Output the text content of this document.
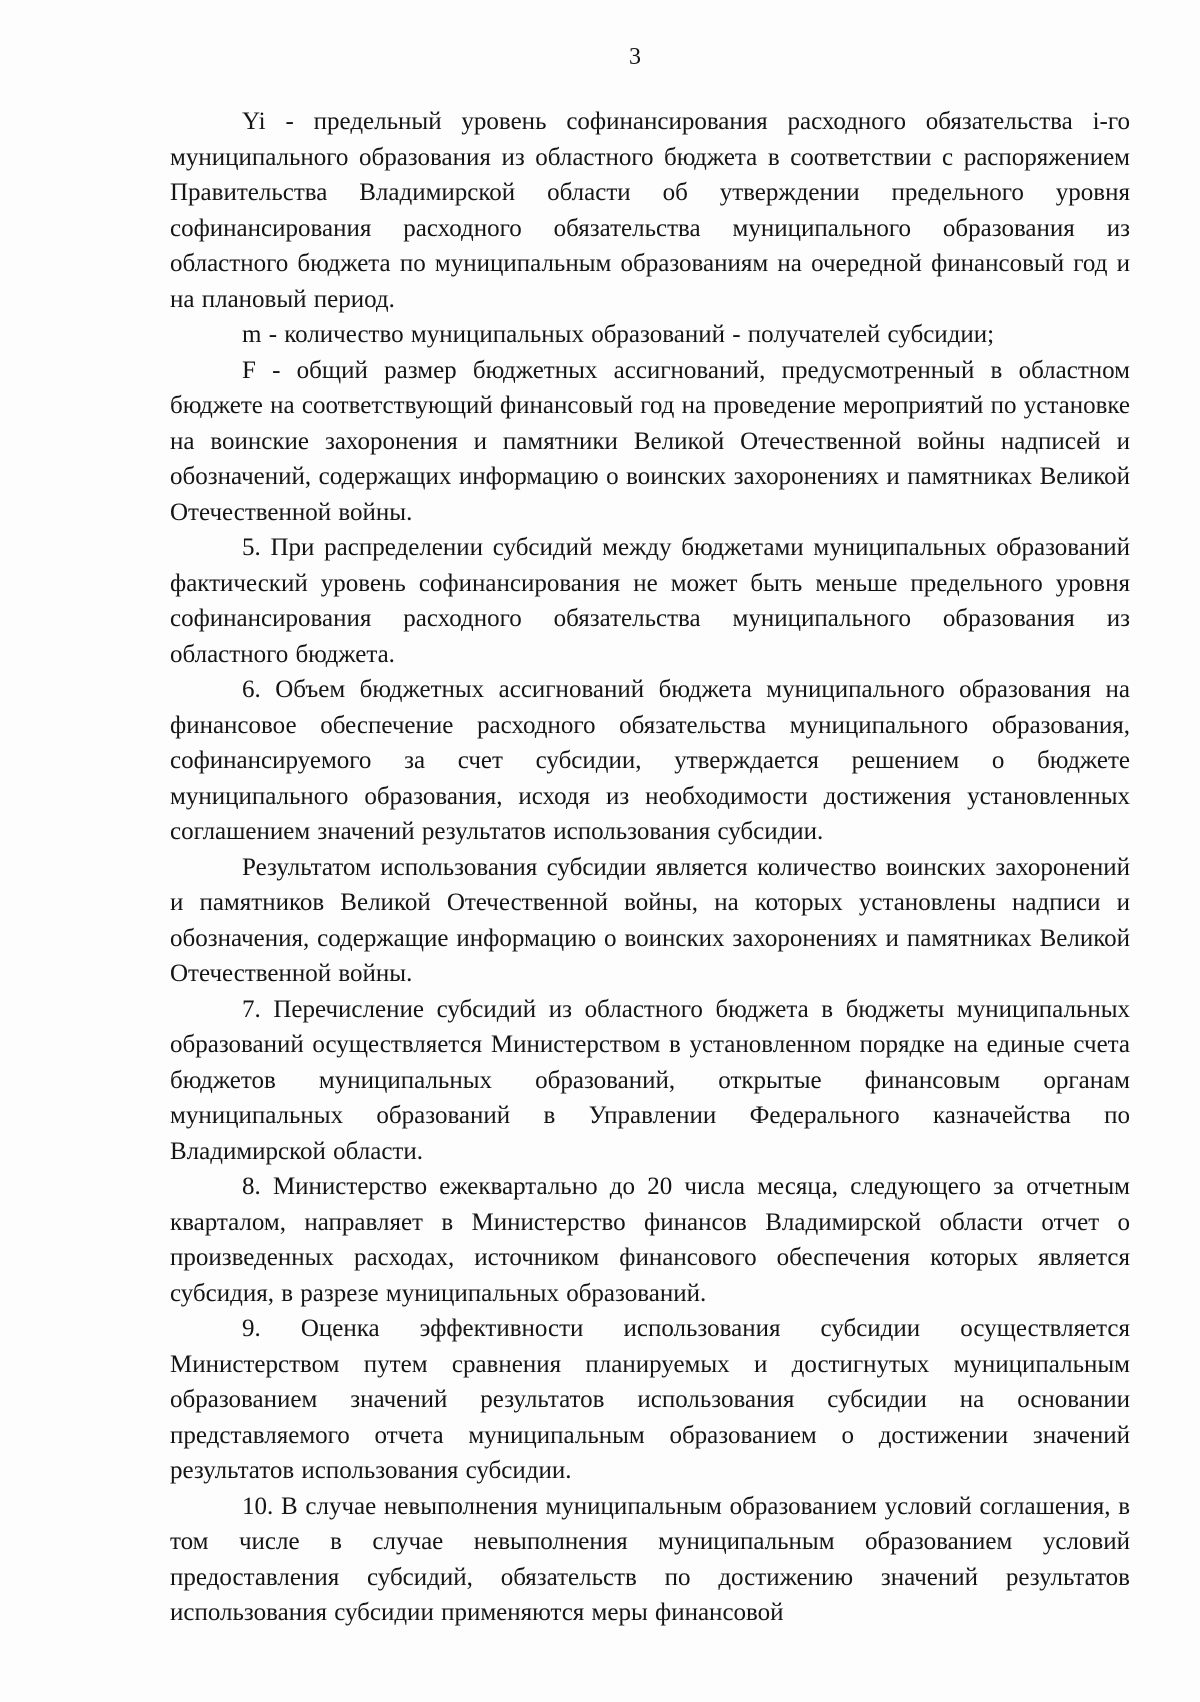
3

Yi - предельный уровень софинансирования расходного обязательства i-го муниципального образования из областного бюджета в соответствии с распоряжением Правительства Владимирской области об утверждении предельного уровня софинансирования расходного обязательства муниципального образования из областного бюджета по муниципальным образованиям на очередной финансовый год и на плановый период.

m - количество муниципальных образований - получателей субсидии;

F - общий размер бюджетных ассигнований, предусмотренный в областном бюджете на соответствующий финансовый год на проведение мероприятий по установке на воинские захоронения и памятники Великой Отечественной войны надписей и обозначений, содержащих информацию о воинских захоронениях и памятниках Великой Отечественной войны.

5. При распределении субсидий между бюджетами муниципальных образований фактический уровень софинансирования не может быть меньше предельного уровня софинансирования расходного обязательства муниципального образования из областного бюджета.

6. Объем бюджетных ассигнований бюджета муниципального образования на финансовое обеспечение расходного обязательства муниципального образования, софинансируемого за счет субсидии, утверждается решением о бюджете муниципального образования, исходя из необходимости достижения установленных соглашением значений результатов использования субсидии.

Результатом использования субсидии является количество воинских захоронений и памятников Великой Отечественной войны, на которых установлены надписи и обозначения, содержащие информацию о воинских захоронениях и памятниках Великой Отечественной войны.

7. Перечисление субсидий из областного бюджета в бюджеты муниципальных образований осуществляется Министерством в установленном порядке на единые счета бюджетов муниципальных образований, открытые финансовым органам муниципальных образований в Управлении Федерального казначейства по Владимирской области.

8. Министерство ежеквартально до 20 числа месяца, следующего за отчетным кварталом, направляет в Министерство финансов Владимирской области отчет о произведенных расходах, источником финансового обеспечения которых является субсидия, в разрезе муниципальных образований.

9. Оценка эффективности использования субсидии осуществляется Министерством путем сравнения планируемых и достигнутых муниципальным образованием значений результатов использования субсидии на основании представляемого отчета муниципальным образованием о достижении значений результатов использования субсидии.

10. В случае невыполнения муниципальным образованием условий соглашения, в том числе в случае невыполнения муниципальным образованием условий предоставления субсидий, обязательств по достижению значений результатов использования субсидии применяются меры финансовой
